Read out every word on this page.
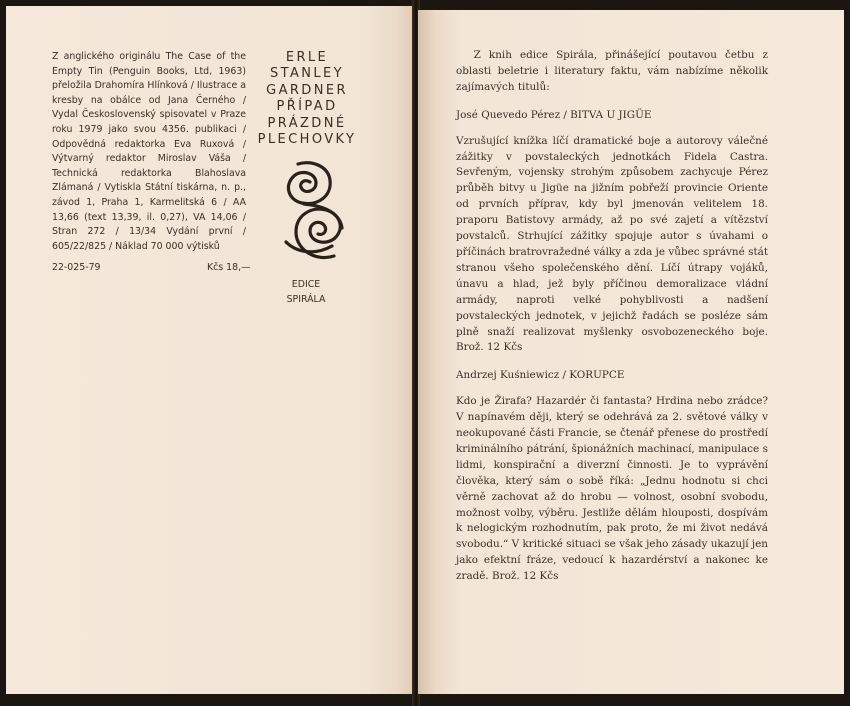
Z anglického originálu The Case of the Empty Tin (Penguin Books, Ltd, 1963) přeložila Drahomíra Hlínková / Ilustrace a kresby na obálce od Jana Černého / Vydal Československý spisovatel v Praze roku 1979 jako svou 4356. publikaci / Odpovědná redaktorka Eva Ruxová / Výtvarný redaktor Miroslav Váša / Technická redaktorka Blahoslava Zlámaná / Vytiskla Státní tiskárna, n. p., závod 1, Praha 1, Karmelitská 6 / AA 13,66 (text 13,39, il. 0,27), VA 14,06 / Stran 272 / 13/34 Vydání první / 605/22/825 / Náklad 70 000 výtisků
22-025-79	Kčs 18,—
ERLE
STANLEY
GARDNER
PŘÍPAD
PRÁZDNÉ
PLECHOVKY
EDICE
SPIRÁLA

Z knih edice Spirála, přinášející poutavou četbu z oblasti beletrie i literatury faktu, vám nabízíme několik zajímavých titulů:

José Quevedo Pérez / BITVA U JIGÜE

Vzrušující knížka líčí dramatické boje a autorovy válečné zážitky v povstaleckých jednotkách Fidela Castra. Sevřeným, vojensky strohým způsobem zachycuje Pérez průběh bitvy u Jigüe na jižním pobřeží provincie Oriente od prvních příprav, kdy byl jmenován velitelem 18. praporu Batistovy armády, až po své zajetí a vítězství povstalců. Strhující zážitky spojuje autor s úvahami o příčinách bratrovražedné války a zda je vůbec správné stát stranou všeho společenského dění. Líčí útrapy vojáků, únavu a hlad, jež byly příčinou demoralizace vládní armády, naproti velké pohyblivosti a nadšení povstaleckých jednotek, v jejichž řadách se posléze sám plně snaží realizovat myšlenky osvobozeneckého boje. Brož. 12 Kčs

Andrzej Kuśniewicz / KORUPCE

Kdo je Žirafa? Hazardér či fantasta? Hrdina nebo zrádce? V napínavém ději, který se odehrává za 2. světové války v neokupované části Francie, se čtenář přenese do prostředí kriminálního pátrání, špionážních machinací, manipulace s lidmi, konspirační a diverzní činnosti. Je to vyprávění člověka, který sám o sobě říká: „Jednu hodnotu si chci věrně zachovat až do hrobu — volnost, osobní svobodu, možnost volby, výběru. Jestliže dělám hlouposti, dospívám k nelogickým rozhodnutím, pak proto, že mi život nedává svobodu.“ V kritické situaci se však jeho zásady ukazují jen jako efektní fráze, vedoucí k hazardérství a nakonec ke zradě. Brož. 12 Kčs
